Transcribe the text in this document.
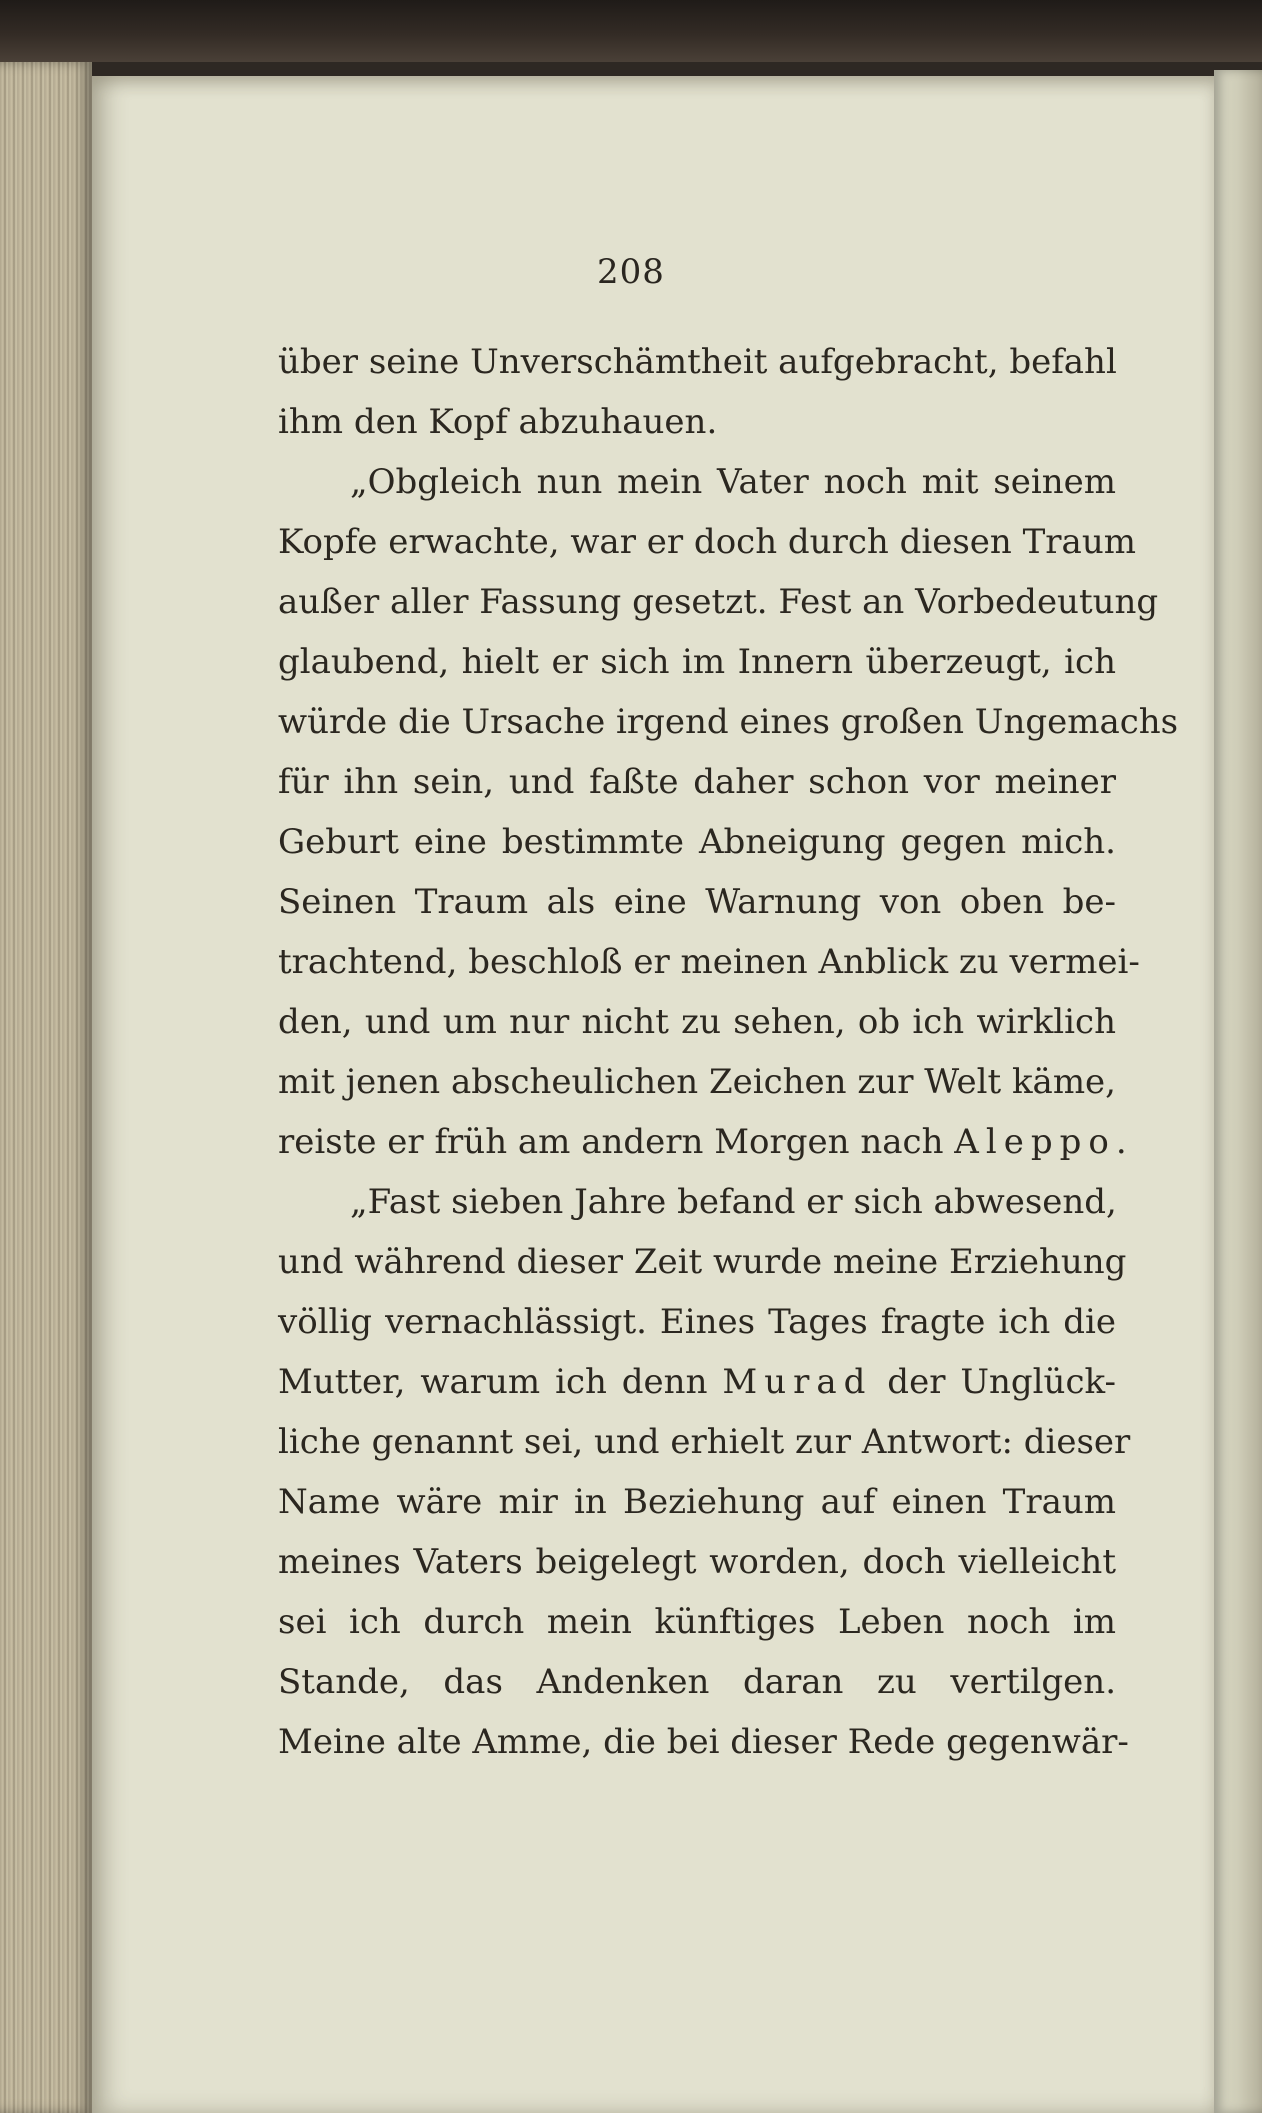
208
über seine Unverschämtheit aufgebracht, befahl
ihm den Kopf abzuhauen.
„Obgleich nun mein Vater noch mit seinem
Kopfe erwachte, war er doch durch diesen Traum
außer aller Fassung gesetzt. Fest an Vorbedeutung
glaubend, hielt er sich im Innern überzeugt, ich
würde die Ursache irgend eines großen Ungemachs
für ihn sein, und faßte daher schon vor meiner
Geburt eine bestimmte Abneigung gegen mich.
Seinen Traum als eine Warnung von oben be-
trachtend, beschloß er meinen Anblick zu vermei-
den, und um nur nicht zu sehen, ob ich wirklich
mit jenen abscheulichen Zeichen zur Welt käme,
reiste er früh am andern Morgen nach Aleppo.
„Fast sieben Jahre befand er sich abwesend,
und während dieser Zeit wurde meine Erziehung
völlig vernachlässigt. Eines Tages fragte ich die
Mutter, warum ich denn Murad der Unglück-
liche genannt sei, und erhielt zur Antwort: dieser
Name wäre mir in Beziehung auf einen Traum
meines Vaters beigelegt worden, doch vielleicht
sei ich durch mein künftiges Leben noch im
Stande, das Andenken daran zu vertilgen.
Meine alte Amme, die bei dieser Rede gegenwär-
